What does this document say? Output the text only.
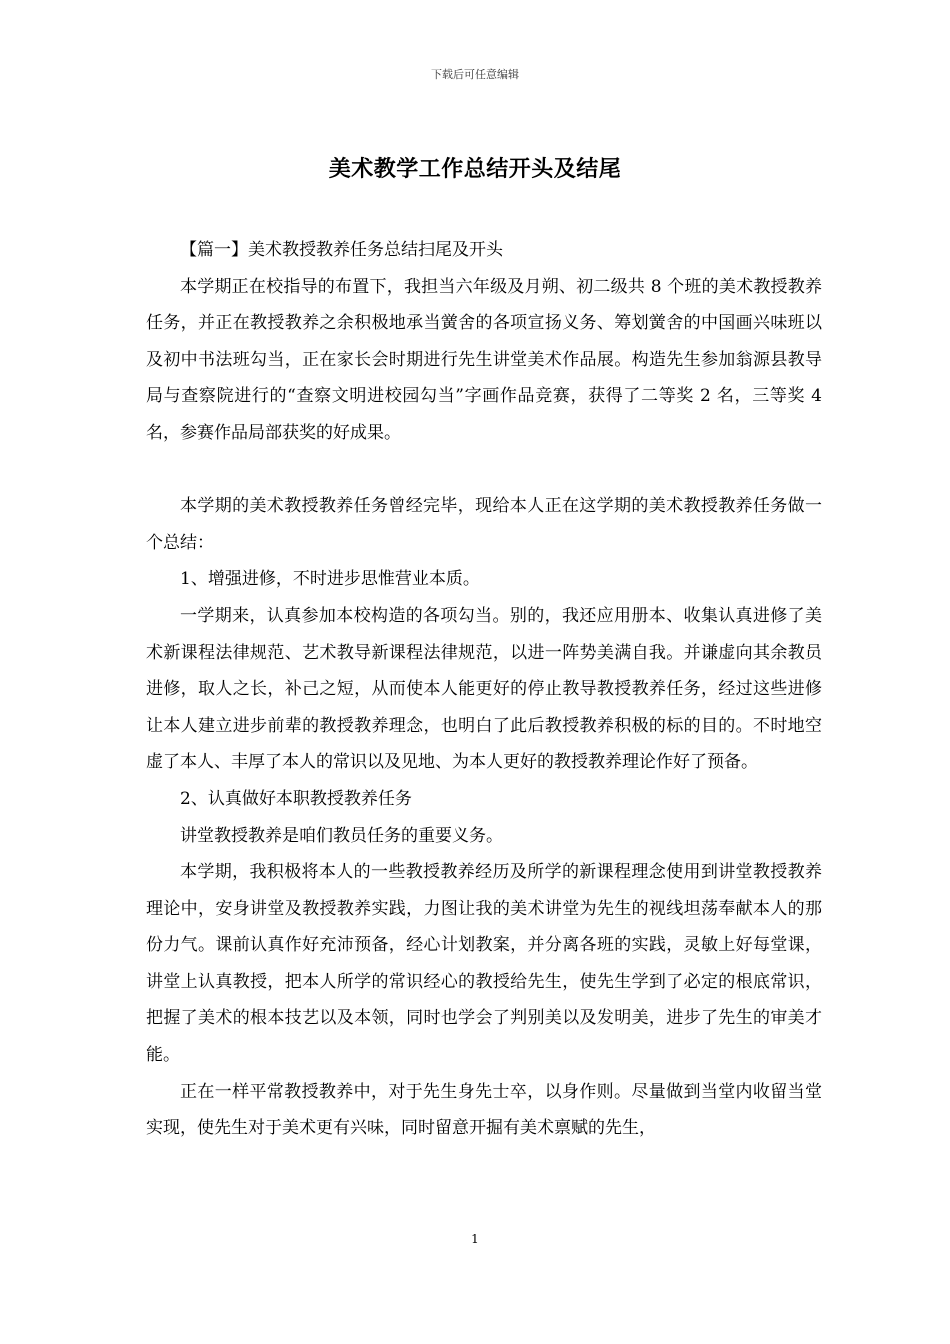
下载后可任意编辑
美术教学工作总结开头及结尾

【篇一】美术教授教养任务总结扫尾及开头

本学期正在校指导的布置下，我担当六年级及月朔、初二级共 8 个班的美术教授教养任务，并正在教授教养之余积极地承当黉舍的各项宣扬义务、筹划黉舍的中国画兴味班以及初中书法班勾当，正在家长会时期进行先生讲堂美术作品展。构造先生参加翁源县教导局与查察院进行的“查察文明进校园勾当”字画作品竞赛，获得了二等奖 2 名，三等奖 4 名，参赛作品局部获奖的好成果。

本学期的美术教授教养任务曾经完毕，现给本人正在这学期的美术教授教养任务做一个总结：

1、增强进修，不时进步思惟营业本质。

一学期来，认真参加本校构造的各项勾当。别的，我还应用册本、收集认真进修了美术新课程法律规范、艺术教导新课程法律规范，以进一阵势美满自我。并谦虚向其余教员进修，取人之长，补己之短，从而使本人能更好的停止教导教授教养任务，经过这些进修让本人建立进步前辈的教授教养理念，也明白了此后教授教养积极的标的目的。不时地空虚了本人、丰厚了本人的常识以及见地、为本人更好的教授教养理论作好了预备。

2、认真做好本职教授教养任务

讲堂教授教养是咱们教员任务的重要义务。

本学期，我积极将本人的一些教授教养经历及所学的新课程理念使用到讲堂教授教养理论中，安身讲堂及教授教养实践，力图让我的美术讲堂为先生的视线坦荡奉献本人的那份力气。课前认真作好充沛预备，经心计划教案，并分离各班的实践，灵敏上好每堂课，讲堂上认真教授，把本人所学的常识经心的教授给先生，使先生学到了必定的根底常识，把握了美术的根本技艺以及本领，同时也学会了判别美以及发明美，进步了先生的审美才能。

正在一样平常教授教养中，对于先生身先士卒，以身作则。尽量做到当堂内收留当堂实现，使先生对于美术更有兴味，同时留意开掘有美术禀赋的先生，

1
